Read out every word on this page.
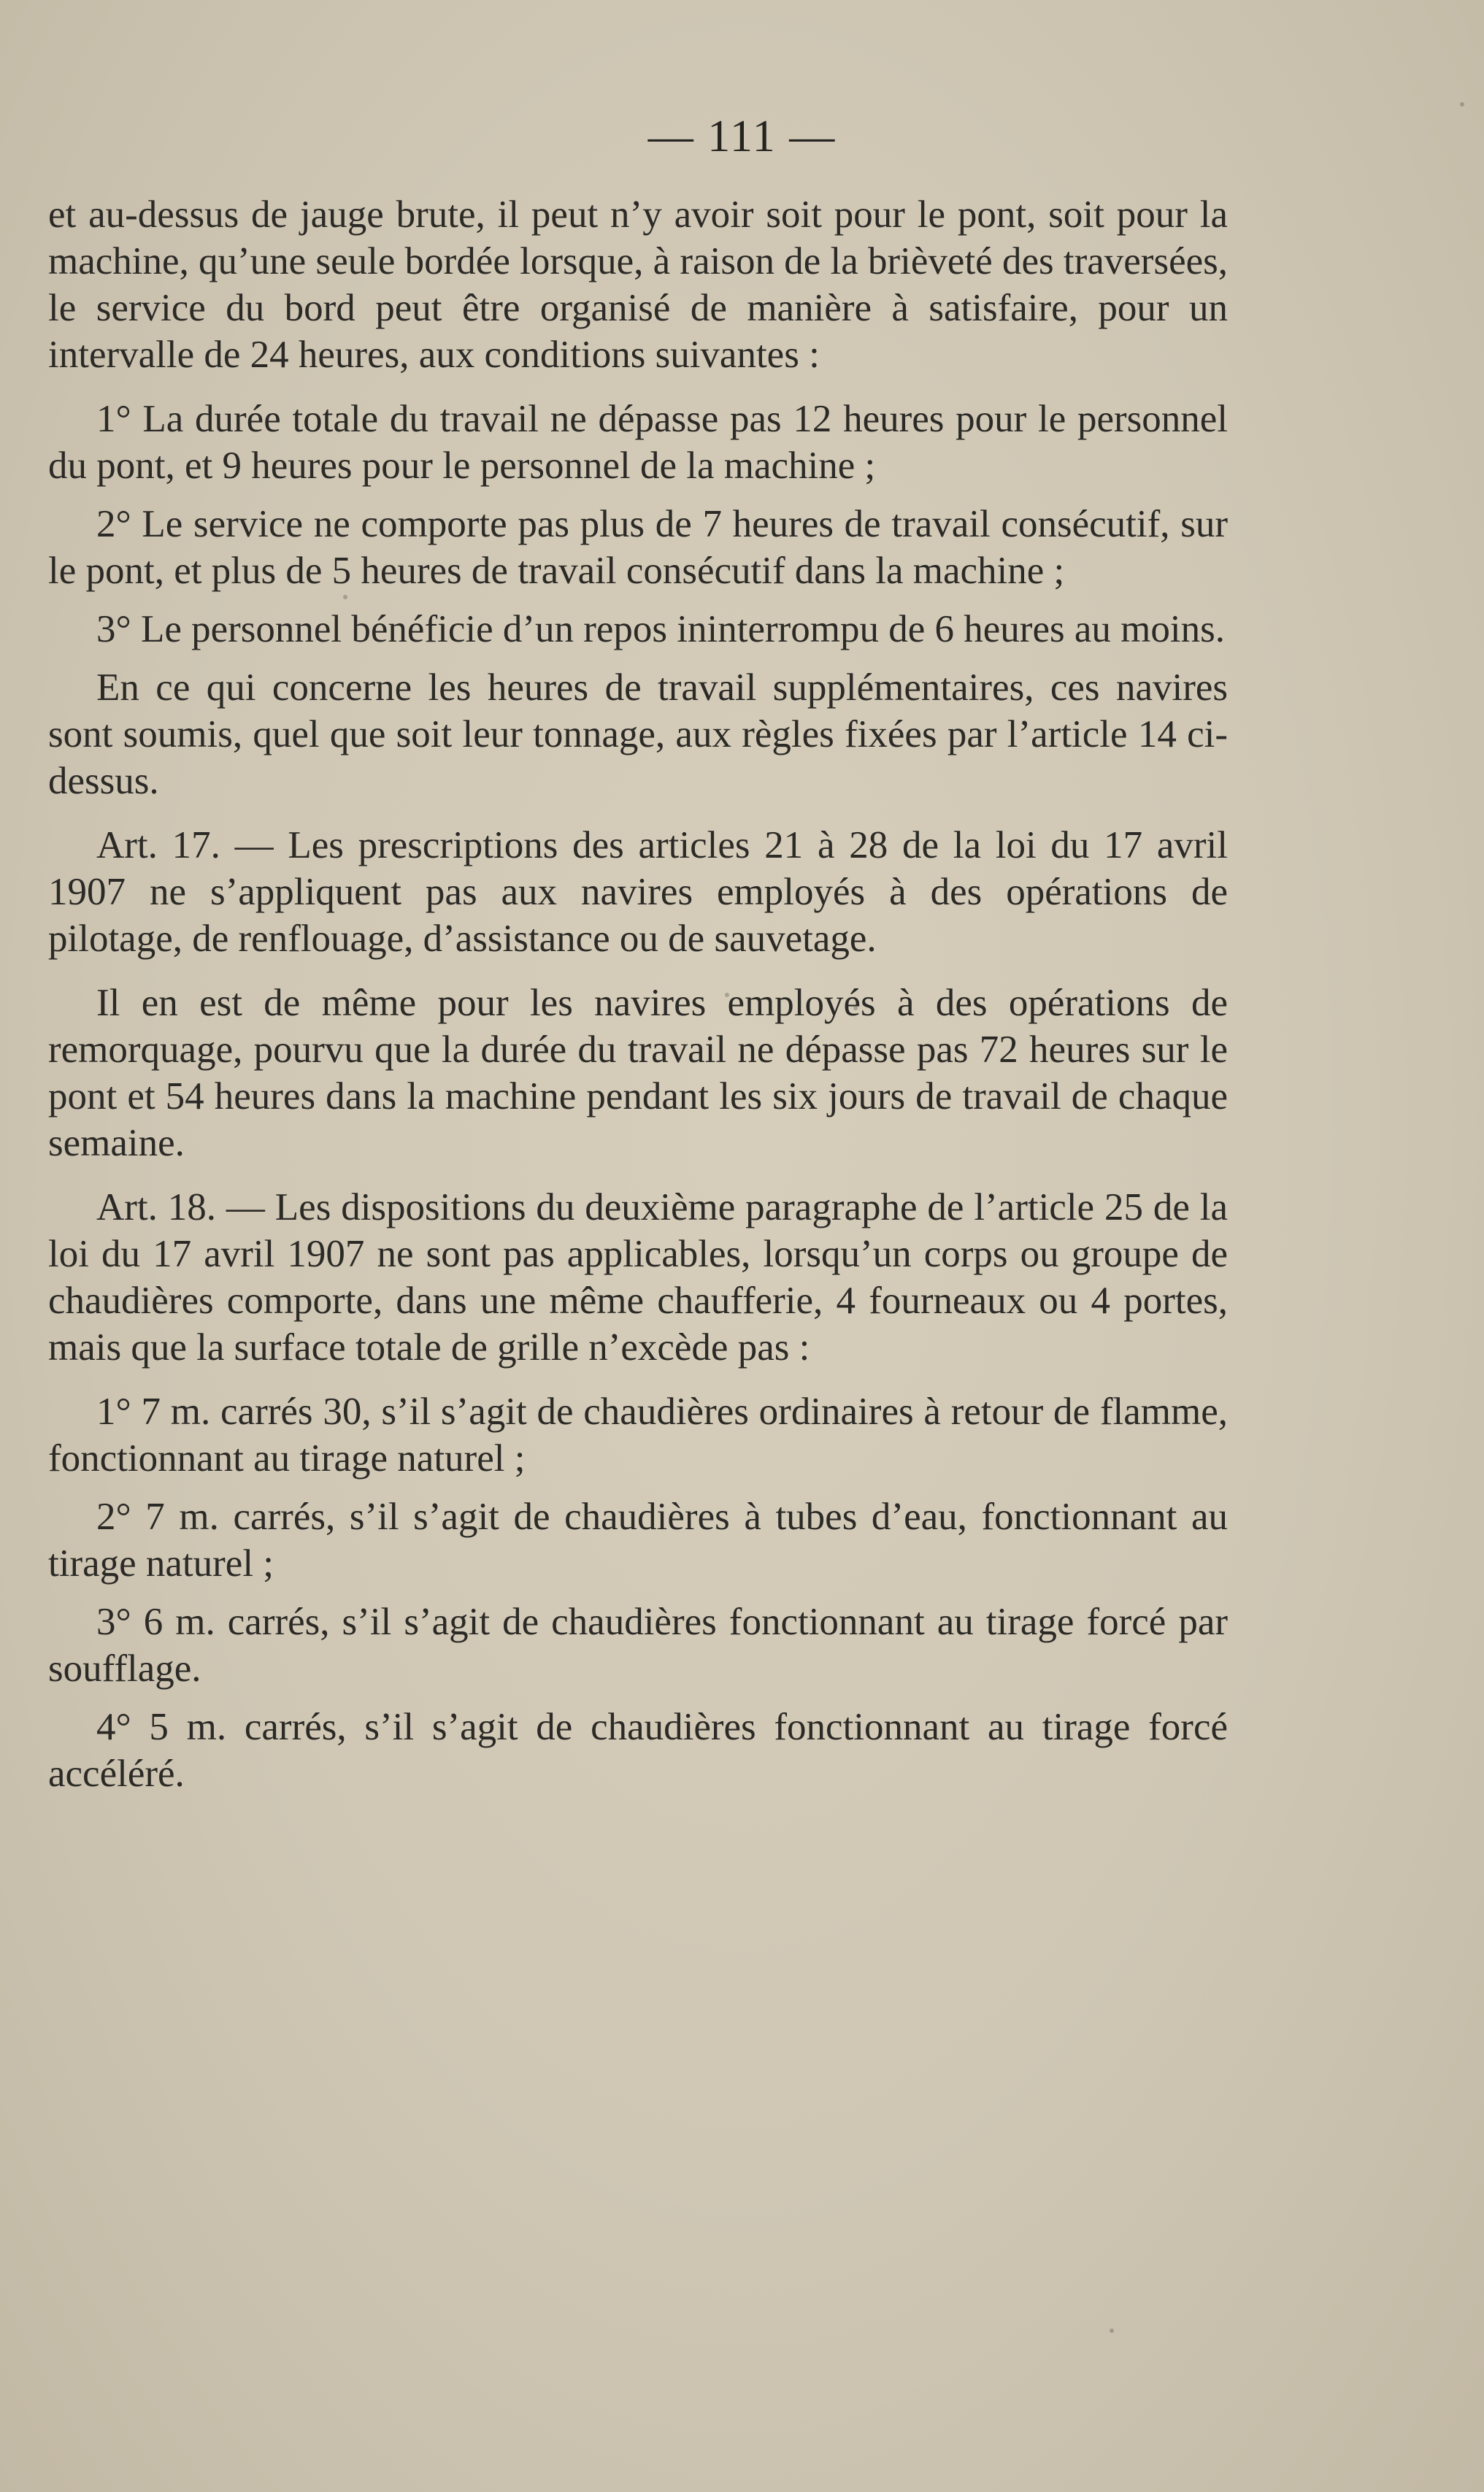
— 111 —

et au-dessus de jauge brute, il peut n’y avoir soit pour le pont, soit pour la machine, qu’une seule bordée lorsque, à raison de la brièveté des traversées, le service du bord peut être organisé de manière à satisfaire, pour un intervalle de 24 heures, aux conditions suivantes :

1° La durée totale du travail ne dépasse pas 12 heures pour le personnel du pont, et 9 heures pour le personnel de la machine ;

2° Le service ne comporte pas plus de 7 heures de travail consécutif, sur le pont, et plus de 5 heures de travail consécutif dans la machine ;

3° Le personnel bénéficie d’un repos ininterrompu de 6 heures au moins.

En ce qui concerne les heures de travail supplémentaires, ces navires sont soumis, quel que soit leur tonnage, aux règles fixées par l’article 14 ci-dessus.

Art. 17. — Les prescriptions des articles 21 à 28 de la loi du 17 avril 1907 ne s’appliquent pas aux navires employés à des opérations de pilotage, de renflouage, d’assistance ou de sauvetage.

Il en est de même pour les navires employés à des opérations de remorquage, pourvu que la durée du travail ne dépasse pas 72 heures sur le pont et 54 heures dans la machine pendant les six jours de travail de chaque semaine.

Art. 18. — Les dispositions du deuxième paragraphe de l’article 25 de la loi du 17 avril 1907 ne sont pas applicables, lorsqu’un corps ou groupe de chaudières comporte, dans une même chaufferie, 4 fourneaux ou 4 portes, mais que la surface totale de grille n’excède pas :

1° 7 m. carrés 30, s’il s’agit de chaudières ordinaires à retour de flamme, fonctionnant au tirage naturel ;

2° 7 m. carrés, s’il s’agit de chaudières à tubes d’eau, fonctionnant au tirage naturel ;

3° 6 m. carrés, s’il s’agit de chaudières fonctionnant au tirage forcé par soufflage.

4° 5 m. carrés, s’il s’agit de chaudières fonctionnant au tirage forcé accéléré.
